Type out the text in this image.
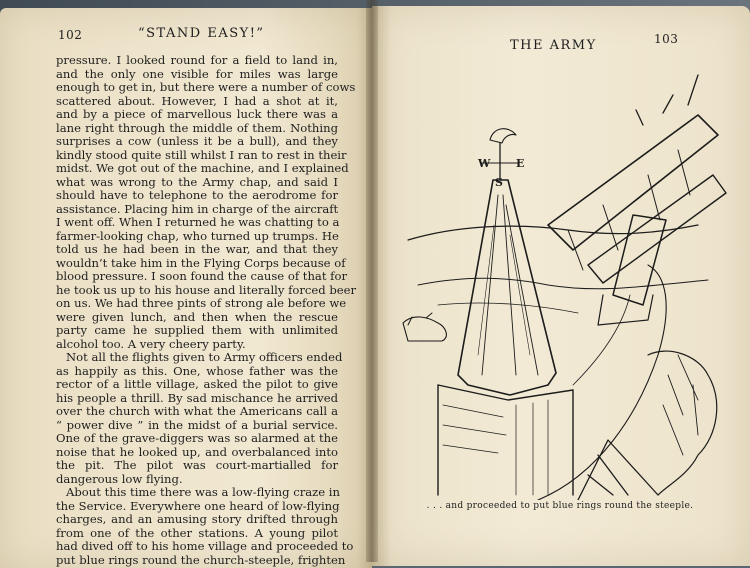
102	“STAND EASY!”
pressure. I looked round for a field to land in,
and the only one visible for miles was large
enough to get in, but there were a number of cows
scattered about. However, I had a shot at it,
and by a piece of marvellous luck there was a
lane right through the middle of them. Nothing
surprises a cow (unless it be a bull), and they
kindly stood quite still whilst I ran to rest in their
midst. We got out of the machine, and I explained
what was wrong to the Army chap, and said I
should have to telephone to the aerodrome for
assistance. Placing him in charge of the aircraft
I went off. When I returned he was chatting to a
farmer-looking chap, who turned up trumps. He
told us he had been in the war, and that they
wouldn’t take him in the Flying Corps because of
blood pressure. I soon found the cause of that for
he took us up to his house and literally forced beer
on us. We had three pints of strong ale before we
were given lunch, and then when the rescue
party came he supplied them with unlimited
alcohol too. A very cheery party.
Not all the flights given to Army officers ended
as happily as this. One, whose father was the
rector of a little village, asked the pilot to give
his people a thrill. By sad mischance he arrived
over the church with what the Americans call a
“ power dive ” in the midst of a burial service.
One of the grave-diggers was so alarmed at the
noise that he looked up, and overbalanced into
the pit. The pilot was court-martialled for
dangerous low flying.
About this time there was a low-flying craze in
the Service. Everywhere one heard of low-flying
charges, and an amusing story drifted through
from one of the other stations. A young pilot
had dived off to his home village and proceeded to
put blue rings round the church-steeple, frighten
THE ARMY	103
W E
S
. . . and proceeded to put blue rings round the steeple.
